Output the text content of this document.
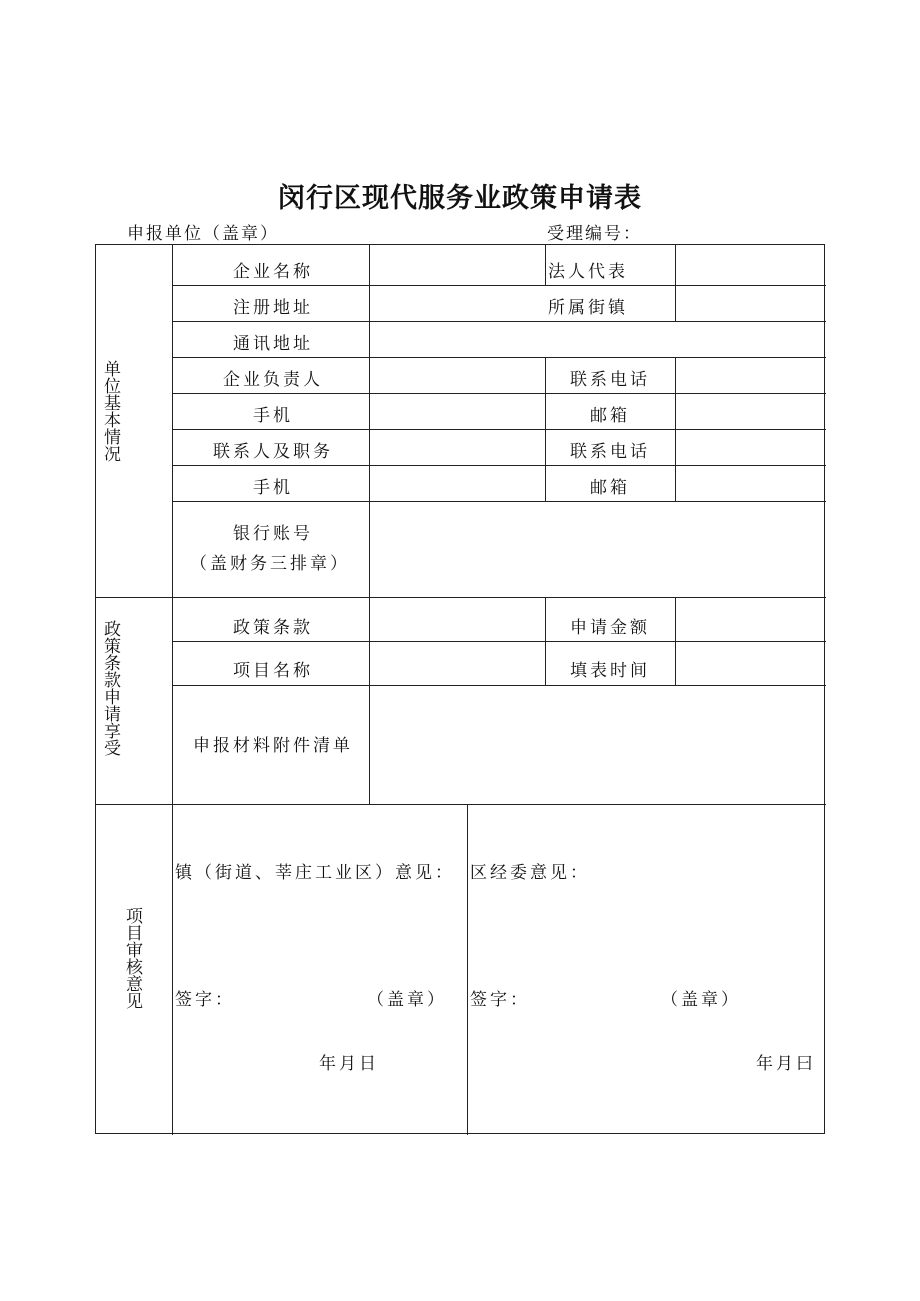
闵行区现代服务业政策申请表
申报单位（盖章）	受理编号：
单位基本情况
政策条款申请享受
项目审核意见
企业名称	法人代表
注册地址	所属街镇
通讯地址
企业负责人	联系电话
手机	邮箱
联系人及职务	联系电话
手机	邮箱
银行账号
（盖财务三排章）
政策条款	申请金额
项目名称	填表时间
申报材料附件清单
镇（街道、莘庄工业区）意见： 区经委意见：
签字：	（盖章） 签字：	（盖章）
年月日	年月曰
